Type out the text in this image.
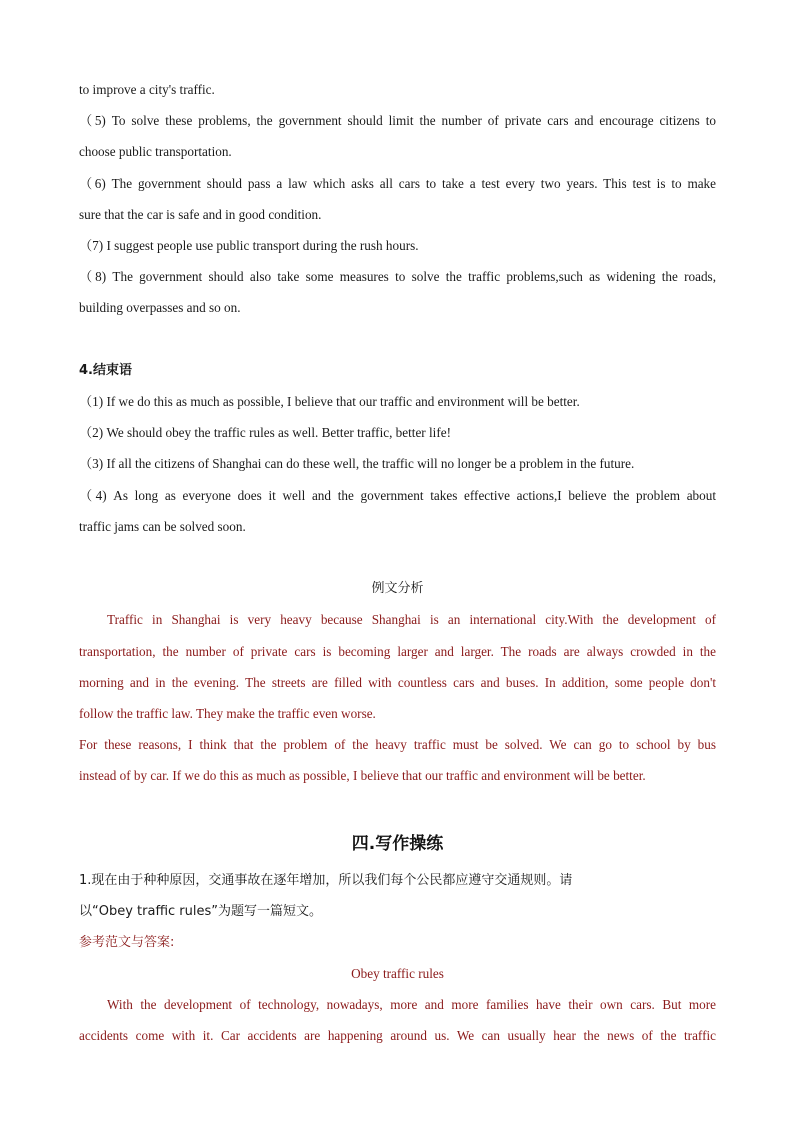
to improve a city's traffic.
（5) To solve these problems, the government should limit the number of private cars and encourage citizens to
choose public transportation.
（6) The government should pass a law which asks all cars to take a test every two years. This test is to make
sure that the car is safe and in good condition.
（7) I suggest people use public transport during the rush hours.
（8) The government should also take some measures to solve the traffic problems,such as widening the roads,
building overpasses and so on.
4.结束语
（1) If we do this as much as possible, I believe that our traffic and environment will be better.
（2) We should obey the traffic rules as well. Better traffic, better life!
（3) If all the citizens of Shanghai can do these well, the traffic will no longer be a problem in the future.
（4) As long as everyone does it well and the government takes effective actions,I believe the problem about
traffic jams can be solved soon.
例文分析
Traffic in Shanghai is very heavy because Shanghai is an international city.With the development of
transportation, the number of private cars is becoming larger and larger. The roads are always crowded in the
morning and in the evening. The streets are filled with countless cars and buses. In addition, some people don't
follow the traffic law. They make the traffic even worse.
For these reasons, I think that the problem of the heavy traffic must be solved. We can go to school by bus
instead of by car. If we do this as much as possible, I believe that our traffic and environment will be better.
四.写作操练
1.现在由于种种原因，交通事故在逐年增加，所以我们每个公民都应遵守交通规则。请
以“Obey traffic rules”为题写一篇短文。
参考范文与答案:
Obey traffic rules
With the development of technology, nowadays, more and more families have their own cars. But more
accidents come with it. Car accidents are happening around us. We can usually hear the news of the traffic
